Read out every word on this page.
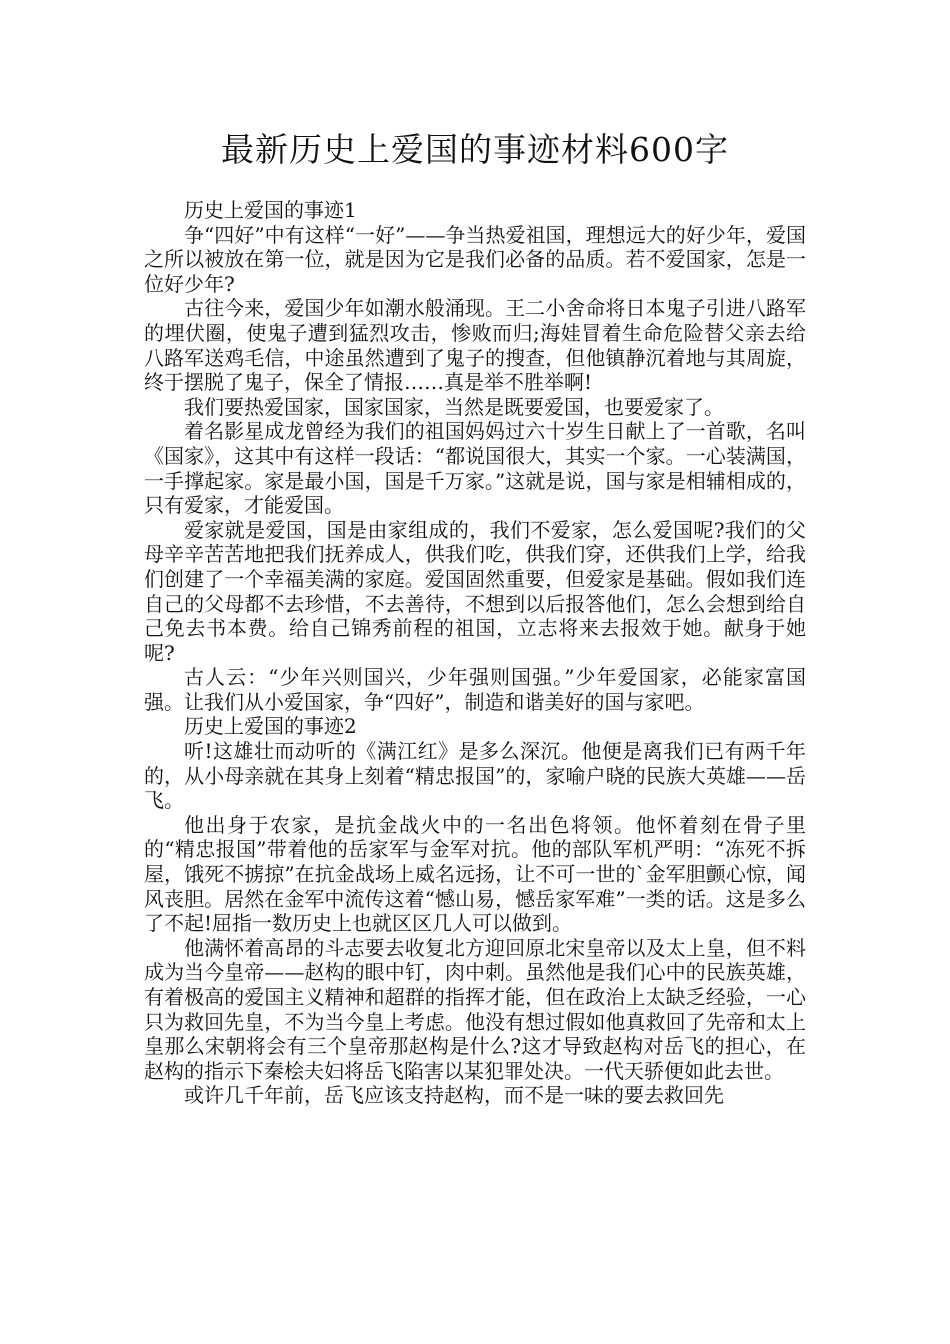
最新历史上爱国的事迹材料600字

历史上爱国的事迹1

争“四好”中有这样“一好”——争当热爱祖国，理想远大的好少年，爱国之所以被放在第一位，就是因为它是我们必备的品质。若不爱国家，怎是一位好少年?

古往今来，爱国少年如潮水般涌现。王二小舍命将日本鬼子引进八路军的埋伏圈，使鬼子遭到猛烈攻击，惨败而归;海娃冒着生命危险替父亲去给八路军送鸡毛信，中途虽然遭到了鬼子的搜查，但他镇静沉着地与其周旋，终于摆脱了鬼子，保全了情报……真是举不胜举啊!

我们要热爱国家，国家国家，当然是既要爱国，也要爱家了。

着名影星成龙曾经为我们的祖国妈妈过六十岁生日献上了一首歌，名叫《国家》，这其中有这样一段话：“都说国很大，其实一个家。一心装满国，一手撑起家。家是最小国，国是千万家。”这就是说，国与家是相辅相成的，只有爱家，才能爱国。

爱家就是爱国，国是由家组成的，我们不爱家，怎么爱国呢?我们的父母辛辛苦苦地把我们抚养成人，供我们吃，供我们穿，还供我们上学，给我们创建了一个幸福美满的家庭。爱国固然重要，但爱家是基础。假如我们连自己的父母都不去珍惜，不去善待，不想到以后报答他们，怎么会想到给自己免去书本费。给自己锦秀前程的祖国，立志将来去报效于她。献身于她呢?

古人云：“少年兴则国兴，少年强则国强。”少年爱国家，必能家富国强。让我们从小爱国家，争“四好”，制造和谐美好的国与家吧。

历史上爱国的事迹2

听!这雄壮而动听的《满江红》是多么深沉。他便是离我们已有两千年的，从小母亲就在其身上刻着“精忠报国”的，家喻户晓的民族大英雄——岳飞。

他出身于农家，是抗金战火中的一名出色将领。他怀着刻在骨子里的“精忠报国”带着他的岳家军与金军对抗。他的部队军机严明：“冻死不拆屋，饿死不掳掠”在抗金战场上威名远扬，让不可一世的`金军胆颤心惊，闻风丧胆。居然在金军中流传这着“憾山易，憾岳家军难”一类的话。这是多么了不起!屈指一数历史上也就区区几人可以做到。

他满怀着高昂的斗志要去收复北方迎回原北宋皇帝以及太上皇，但不料成为当今皇帝——赵构的眼中钉，肉中刺。虽然他是我们心中的民族英雄，有着极高的爱国主义精神和超群的指挥才能，但在政治上太缺乏经验，一心只为救回先皇，不为当今皇上考虑。他没有想过假如他真救回了先帝和太上皇那么宋朝将会有三个皇帝那赵构是什么?这才导致赵构对岳飞的担心，在赵构的指示下秦桧夫妇将岳飞陷害以某犯罪处决。一代天骄便如此去世。

或许几千年前，岳飞应该支持赵构，而不是一味的要去救回先
